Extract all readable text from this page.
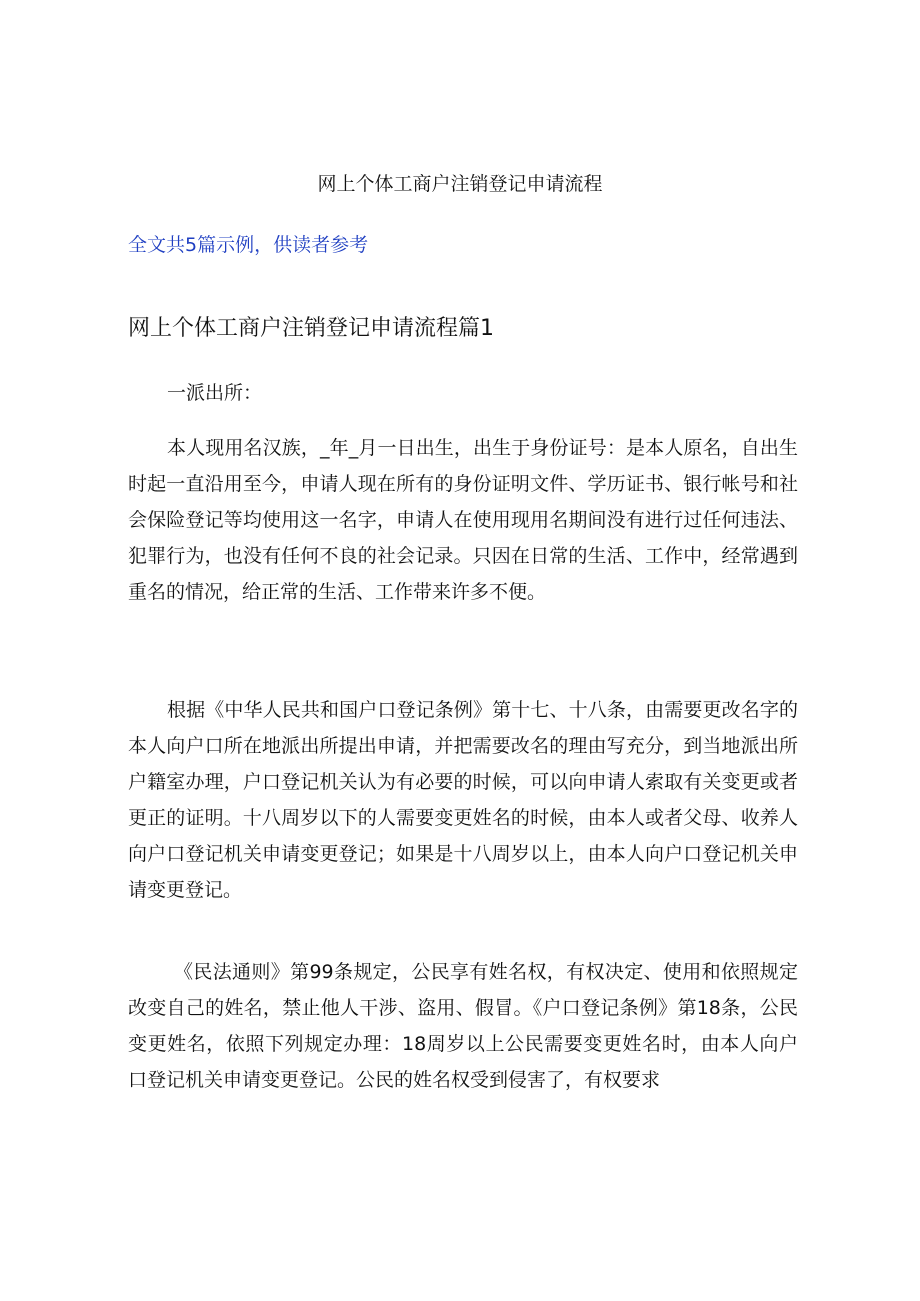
网上个体工商户注销登记申请流程

全文共5篇示例，供读者参考

网上个体工商户注销登记申请流程篇1

一派出所：

本人现用名汉族，_年_月一日出生，出生于身份证号：是本人原名，自出生时起一直沿用至今，申请人现在所有的身份证明文件、学历证书、银行帐号和社会保险登记等均使用这一名字，申请人在使用现用名期间没有进行过任何违法、犯罪行为，也没有任何不良的社会记录。只因在日常的生活、工作中，经常遇到重名的情况，给正常的生活、工作带来许多不便。

根据《中华人民共和国户口登记条例》第十七、十八条，由需要更改名字的本人向户口所在地派出所提出申请，并把需要改名的理由写充分，到当地派出所户籍室办理，户口登记机关认为有必要的时候，可以向申请人索取有关变更或者更正的证明。十八周岁以下的人需要变更姓名的时候，由本人或者父母、收养人向户口登记机关申请变更登记；如果是十八周岁以上，由本人向户口登记机关申请变更登记。

《民法通则》第99条规定，公民享有姓名权，有权决定、使用和依照规定改变自己的姓名，禁止他人干涉、盗用、假冒。《户口登记条例》第18条，公民变更姓名，依照下列规定办理：18周岁以上公民需要变更姓名时，由本人向户口登记机关申请变更登记。公民的姓名权受到侵害了，有权要求
